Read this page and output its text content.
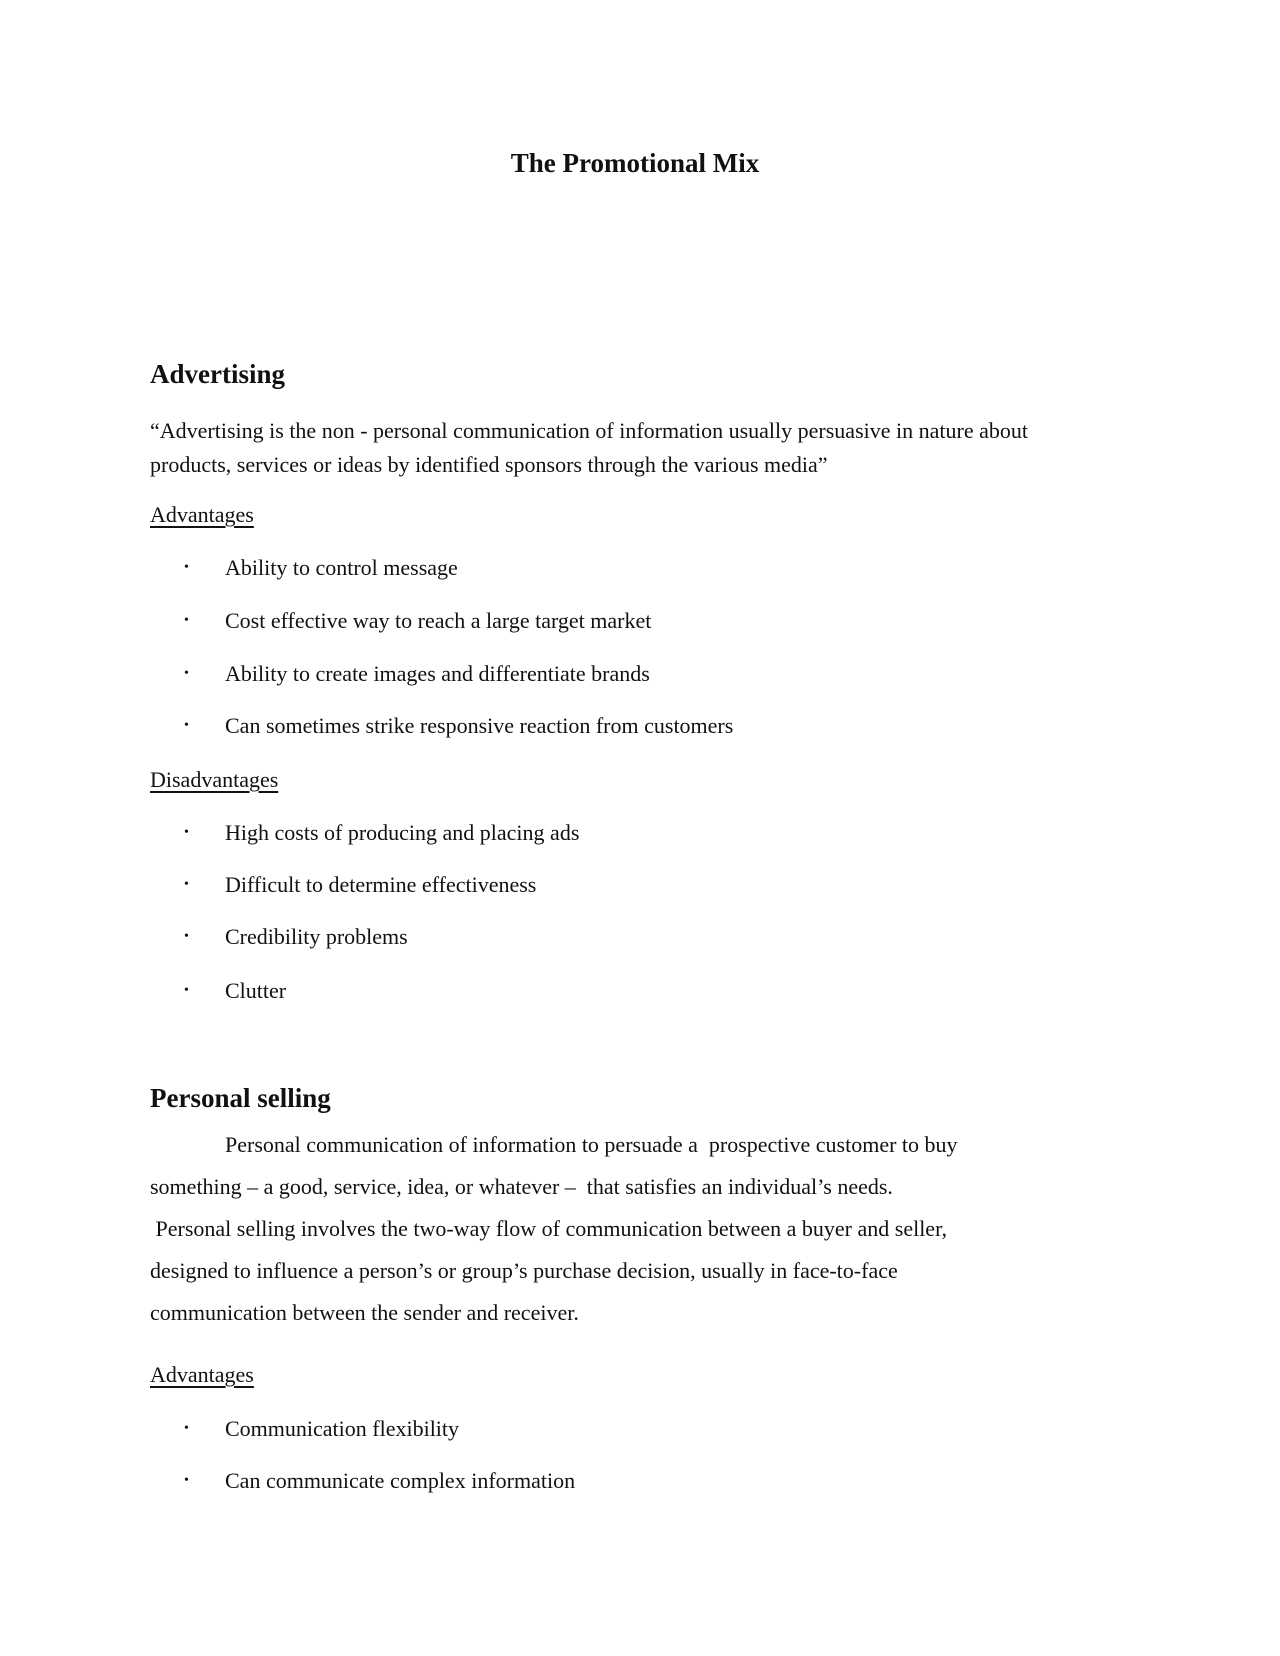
The Promotional Mix
Advertising

“Advertising is the non - personal communication of information usually persuasive in nature about products, services or ideas by identified sponsors through the various media”

Advantages
• Ability to control message
• Cost effective way to reach a large target market
• Ability to create images and differentiate brands
• Can sometimes strike responsive reaction from customers
Disadvantages
• High costs of producing and placing ads
• Difficult to determine effectiveness
• Credibility problems
• Clutter
Personal selling
Personal communication of information to persuade a  prospective customer to buy
something – a good, service, idea, or whatever –  that satisfies an individual’s needs.
Personal selling involves the two-way flow of communication between a buyer and seller,
designed to influence a person’s or group’s purchase decision, usually in face-to-face
communication between the sender and receiver.
Advantages
• Communication flexibility
• Can communicate complex information
